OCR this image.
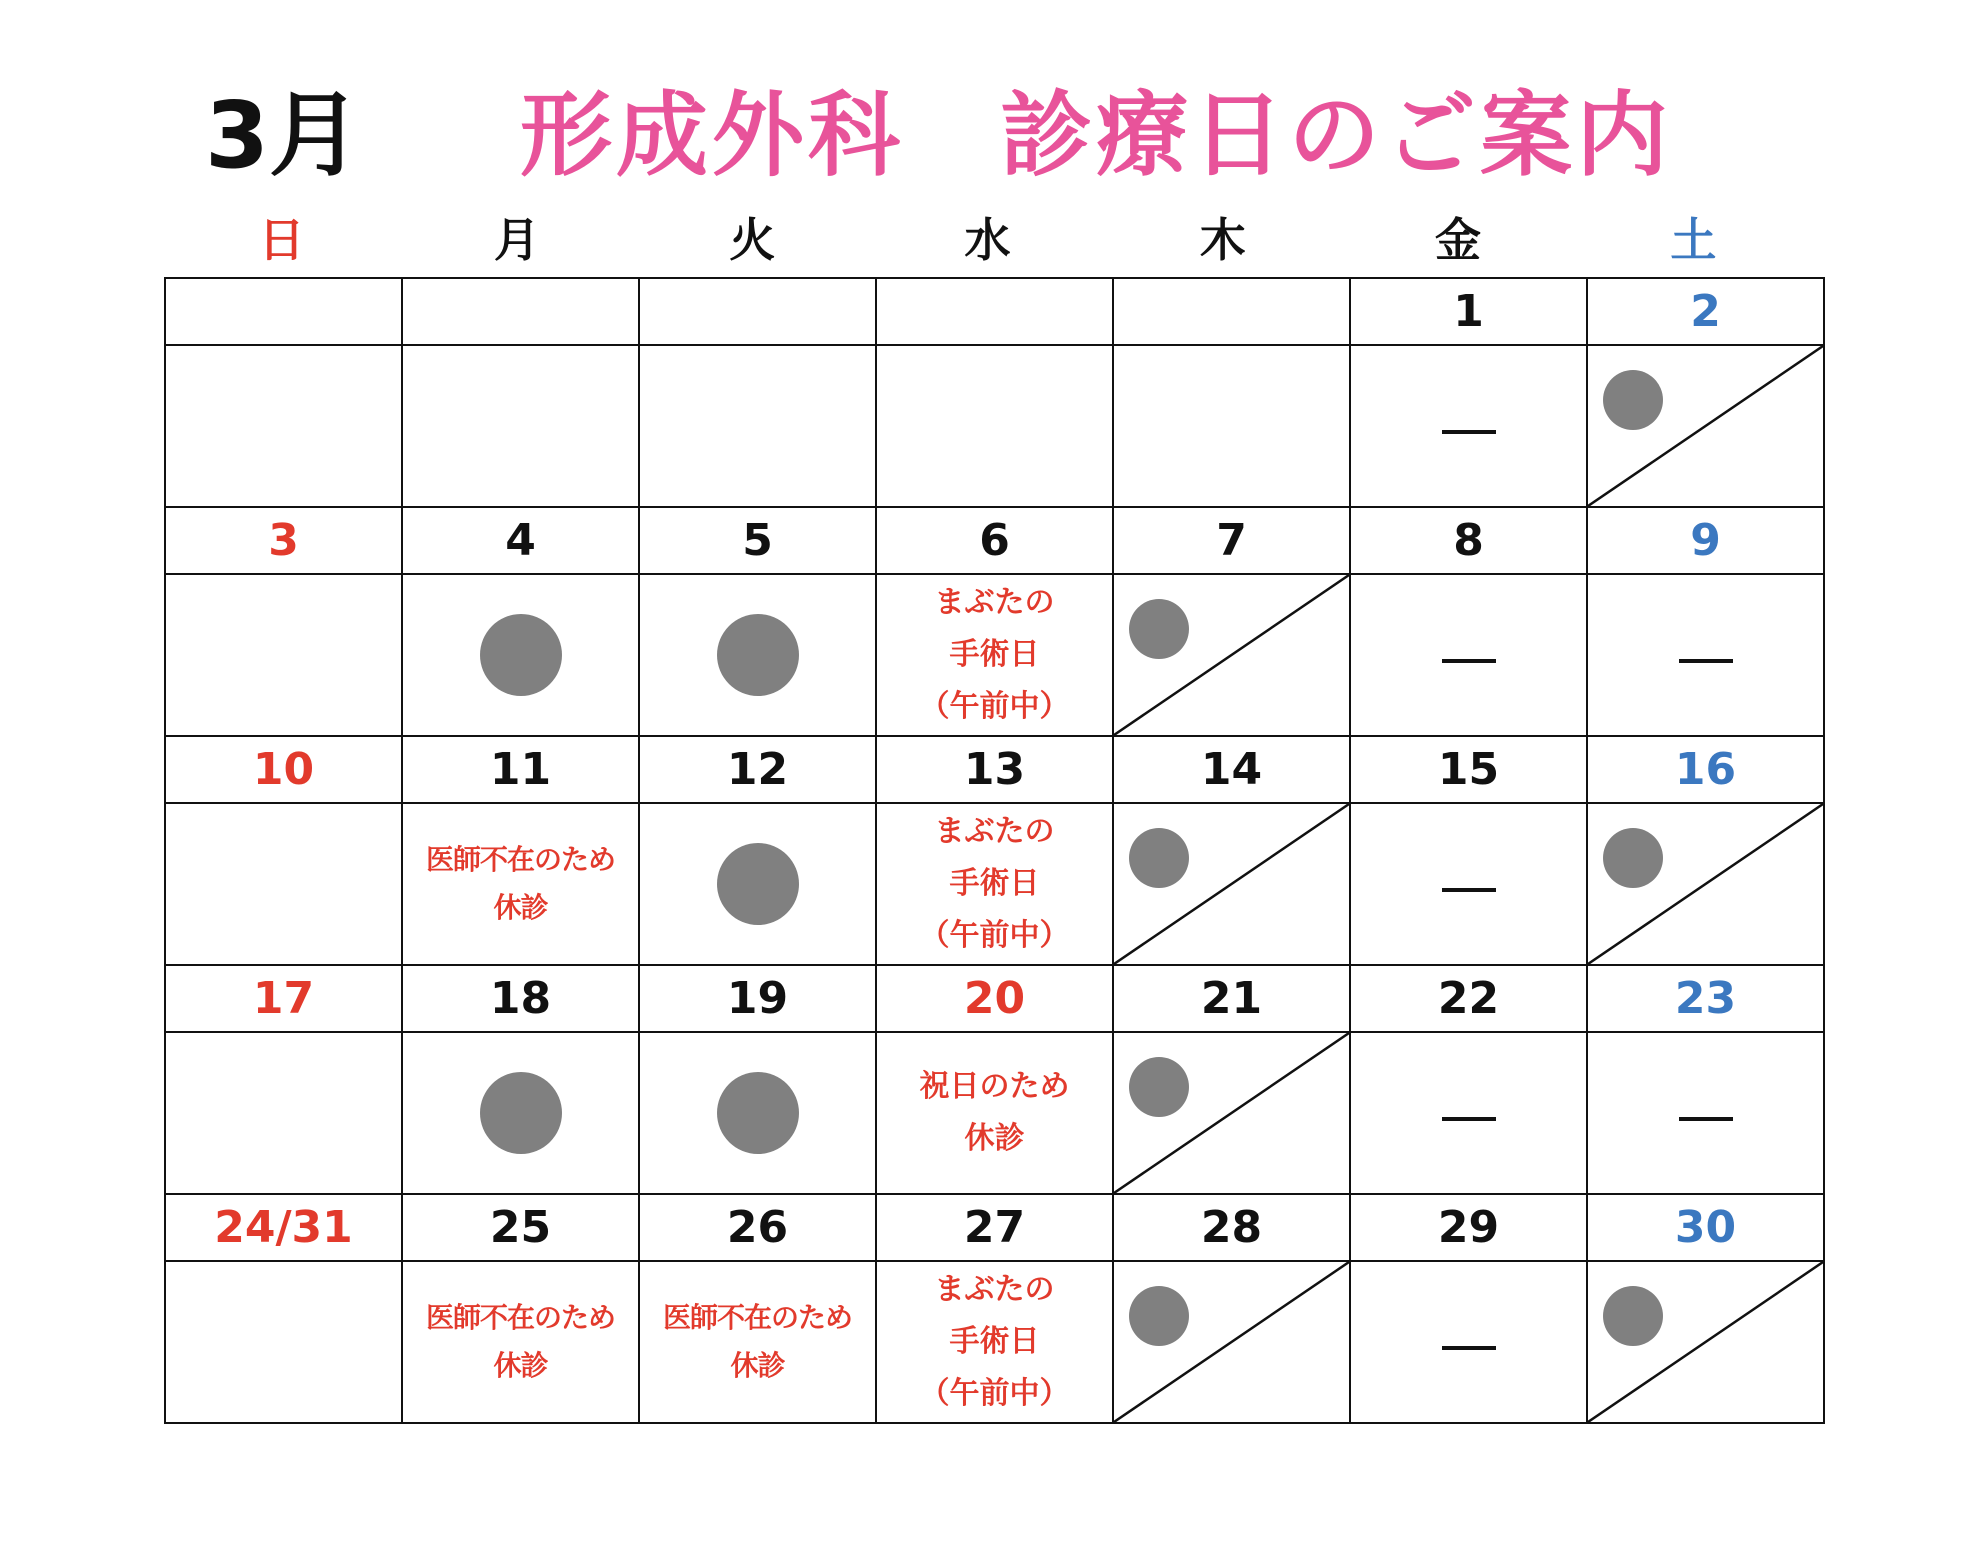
3月 形成外科　診療日のご案内
日	月	火	水	木	金	土
					1	2

3	4	5	6	7	8	9

			まぶたの
手術日
（午前中）

10	11	12	13	14	15	16

	医師不在のため
休診		まぶたの
手術日
（午前中）

17	18	19	20	21	22	23

			祝日のため
休診

24/31	25	26	27	28	29	30

	医師不在のため
休診	医師不在のため
休診	まぶたの
手術日
（午前中）
